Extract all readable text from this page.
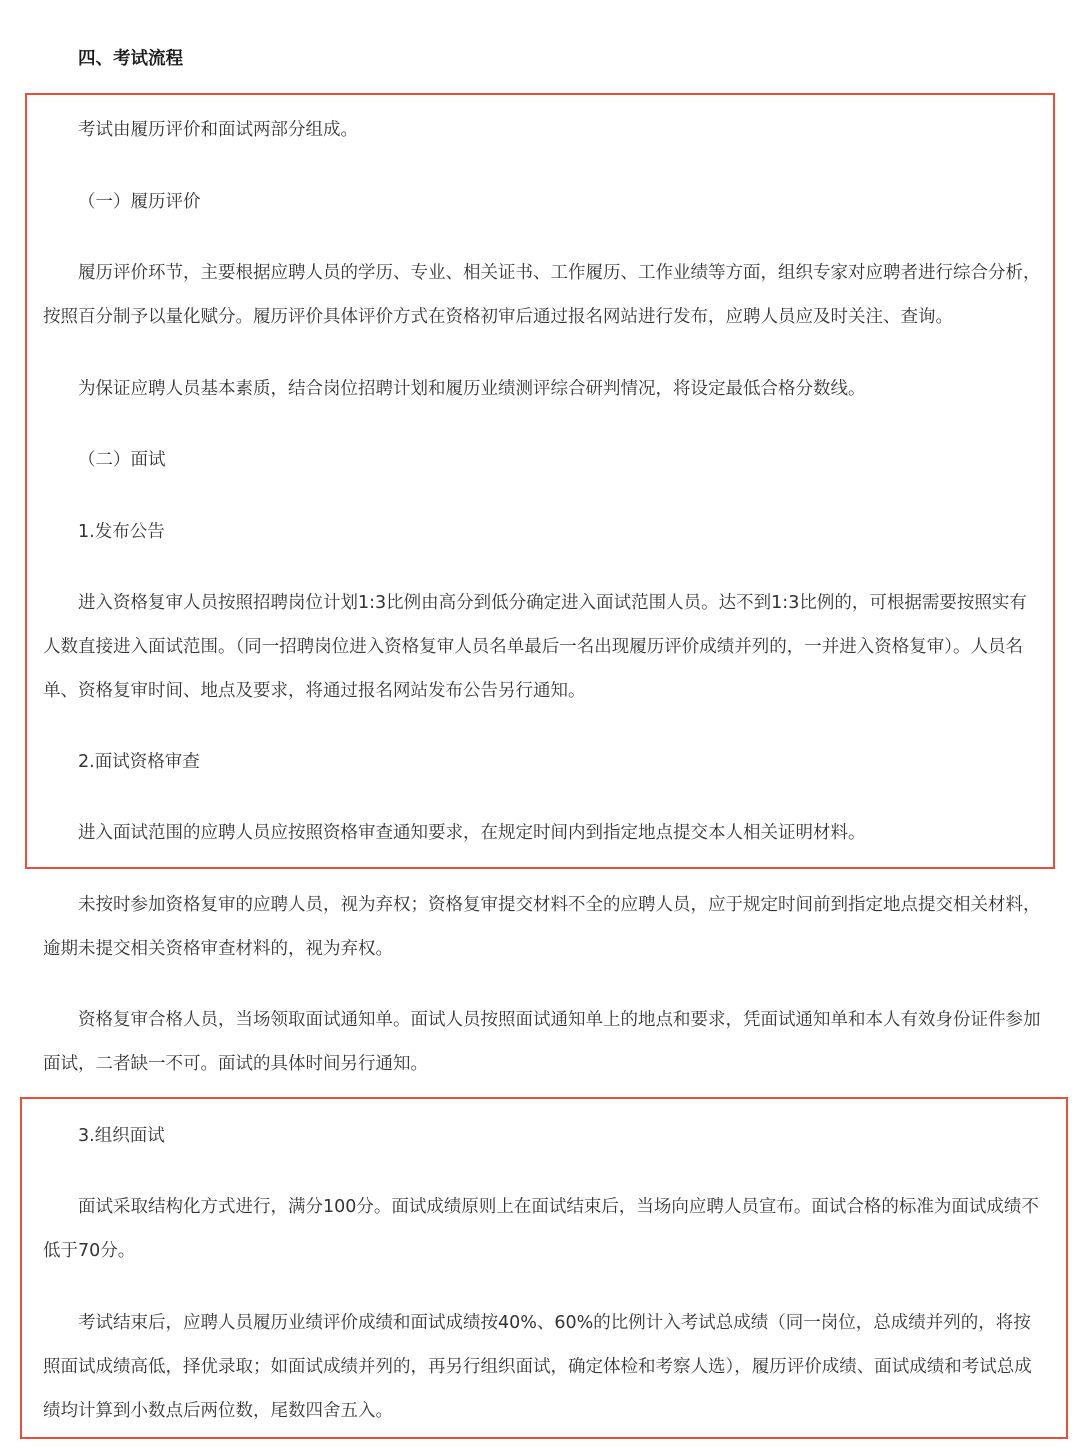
四、考试流程
考试由履历评价和面试两部分组成。
（一）履历评价
履历评价环节，主要根据应聘人员的学历、专业、相关证书、工作履历、工作业绩等方面，组织专家对应聘者进行综合分析，按照百分制予以量化赋分。履历评价具体评价方式在资格初审后通过报名网站进行发布，应聘人员应及时关注、查询。
为保证应聘人员基本素质，结合岗位招聘计划和履历业绩测评综合研判情况，将设定最低合格分数线。
（二）面试
1.发布公告
进入资格复审人员按照招聘岗位计划1:3比例由高分到低分确定进入面试范围人员。达不到1:3比例的，可根据需要按照实有人数直接进入面试范围。（同一招聘岗位进入资格复审人员名单最后一名出现履历评价成绩并列的，一并进入资格复审）。人员名单、资格复审时间、地点及要求，将通过报名网站发布公告另行通知。
2.面试资格审查
进入面试范围的应聘人员应按照资格审查通知要求，在规定时间内到指定地点提交本人相关证明材料。
未按时参加资格复审的应聘人员，视为弃权；资格复审提交材料不全的应聘人员，应于规定时间前到指定地点提交相关材料，逾期未提交相关资格审查材料的，视为弃权。
资格复审合格人员，当场领取面试通知单。面试人员按照面试通知单上的地点和要求，凭面试通知单和本人有效身份证件参加面试，二者缺一不可。面试的具体时间另行通知。
3.组织面试
面试采取结构化方式进行，满分100分。面试成绩原则上在面试结束后，当场向应聘人员宣布。面试合格的标准为面试成绩不低于70分。
考试结束后，应聘人员履历业绩评价成绩和面试成绩按40%、60%的比例计入考试总成绩（同一岗位，总成绩并列的，将按照面试成绩高低，择优录取；如面试成绩并列的，再另行组织面试，确定体检和考察人选），履历评价成绩、面试成绩和考试总成绩均计算到小数点后两位数，尾数四舍五入。
